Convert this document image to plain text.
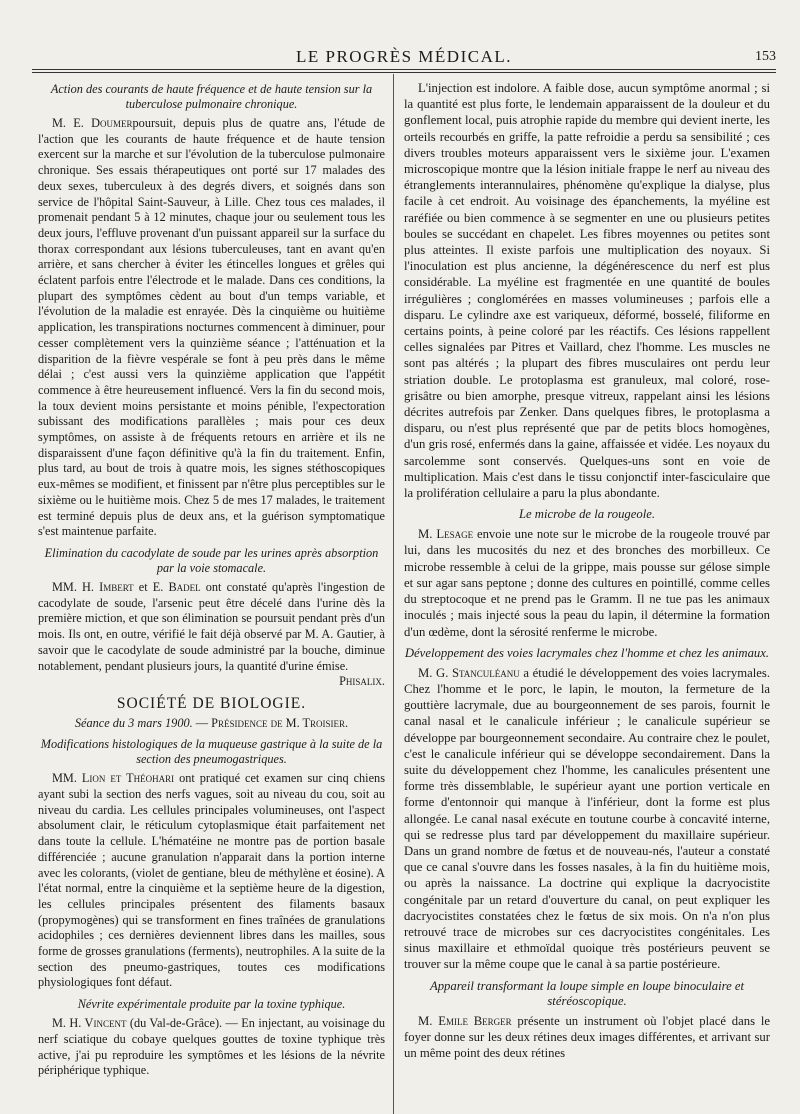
LE PROGRÈS MÉDICAL.	153
Action des courants de haute fréquence et de haute tension sur la tuberculose pulmonaire chronique.

M. E. Doumerpoursuit, depuis plus de quatre ans, l'étude de l'action que les courants de haute fréquence et de haute tension exercent sur la marche et sur l'évolution de la tuberculose pulmonaire chronique. Ses essais thérapeutiques ont porté sur 17 malades des deux sexes, tuberculeux à des degrés divers, et soignés dans son service de l'hôpital Saint-Sauveur, à Lille. Chez tous ces malades, il promenait pendant 5 à 12 minutes, chaque jour ou seulement tous les deux jours, l'effluve provenant d'un puissant appareil sur la surface du thorax correspondant aux lésions tuberculeuses, tant en avant qu'en arrière, et sans chercher à éviter les étincelles longues et grêles qui éclatent parfois entre l'électrode et le malade. Dans ces conditions, la plupart des symptômes cèdent au bout d'un temps variable, et l'évolution de la maladie est enrayée. Dès la cinquième ou huitième application, les transpirations nocturnes commencent à diminuer, pour cesser complètement vers la quinzième séance ; l'atténuation et la disparition de la fièvre vespérale se font à peu près dans le même délai ; c'est aussi vers la quinzième application que l'appétit commence à être heureusement influencé. Vers la fin du second mois, la toux devient moins persistante et moins pénible, l'expectoration subissant des modifications parallèles ; mais pour ces deux symptômes, on assiste à de fréquents retours en arrière et ils ne disparaissent d'une façon définitive qu'à la fin du traitement. Enfin, plus tard, au bout de trois à quatre mois, les signes stéthoscopiques eux-mêmes se modifient, et finissent par n'être plus perceptibles sur le sixième ou le huitième mois. Chez 5 de mes 17 malades, le traitement est terminé depuis plus de deux ans, et la guérison symptomatique s'est maintenue parfaite.

Elimination du cacodylate de soude par les urines après absorption par la voie stomacale.

MM. H. Imbert et E. Badel ont constaté qu'après l'ingestion de cacodylate de soude, l'arsenic peut être décelé dans l'urine dès la première miction, et que son élimination se poursuit pendant près d'un mois. Ils ont, en outre, vérifié le fait déjà observé par M. A. Gautier, à savoir que le cacodylate de soude administré par la bouche, diminue notablement, pendant plusieurs jours, la quantité d'urine émise.

Phisalix.
SOCIÉTÉ DE BIOLOGIE.
Séance du 3 mars 1900. — Présidence de M. Troisier.
Modifications histologiques de la muqueuse gastrique à la suite de la section des pneumogastriques.

MM. Lion et Théohari ont pratiqué cet examen sur cinq chiens ayant subi la section des nerfs vagues, soit au niveau du cou, soit au niveau du cardia. Les cellules principales volumineuses, ont l'aspect absolument clair, le réticulum cytoplasmique était parfaitement net dans toute la cellule. L'hématéine ne montre pas de portion basale différenciée ; aucune granulation n'apparait dans la portion interne avec les colorants, (violet de gentiane, bleu de méthylène et éosine). A l'état normal, entre la cinquième et la septième heure de la digestion, les cellules principales présentent des filaments basaux (propymogènes) qui se transforment en fines traînées de granulations acidophiles ; ces dernières deviennent libres dans les mailles, sous forme de grosses granulations (ferments), neutrophiles. A la suite de la section des pneumo-gastriques, toutes ces modifications physiologiques font défaut.

Névrite expérimentale produite par la toxine typhique.

M. H. Vincent (du Val-de-Grâce). — En injectant, au voisinage du nerf sciatique du cobaye quelques gouttes de toxine typhique très active, j'ai pu reproduire les symptômes et les lésions de la névrite périphérique typhique.

L'injection est indolore. A faible dose, aucun symptôme anormal ; si la quantité est plus forte, le lendemain apparaissent de la douleur et du gonflement local, puis atrophie rapide du membre qui devient inerte, les orteils recourbés en griffe, la patte refroidie a perdu sa sensibilité ; ces divers troubles moteurs apparaissent vers le sixième jour. L'examen microscopique montre que la lésion initiale frappe le nerf au niveau des étranglements interannulaires, phénomène qu'explique la dialyse, plus facile à cet endroit. Au voisinage des épanchements, la myéline est raréfiée ou bien commence à se segmenter en une ou plusieurs petites boules se succédant en chapelet. Les fibres moyennes ou petites sont plus atteintes. Il existe parfois une multiplication des noyaux. Si l'inoculation est plus ancienne, la dégénérescence du nerf est plus considérable. La myéline est fragmentée en une quantité de boules irrégulières ; conglomérées en masses volumineuses ; parfois elle a disparu. Le cylindre axe est variqueux, déformé, bosselé, filiforme en certains points, à peine coloré par les réactifs. Ces lésions rappellent celles signalées par Pitres et Vaillard, chez l'homme. Les muscles ne sont pas altérés ; la plupart des fibres musculaires ont perdu leur striation double. Le protoplasma est granuleux, mal coloré, rose-grisâtre ou bien amorphe, presque vitreux, rappelant ainsi les lésions décrites autrefois par Zenker. Dans quelques fibres, le protoplasma a disparu, ou n'est plus représenté que par de petits blocs homogènes, d'un gris rosé, enfermés dans la gaine, affaissée et vidée. Les noyaux du sarcolemme sont conservés. Quelques-uns sont en voie de multiplication. Mais c'est dans le tissu conjonctif inter-fasciculaire que la prolifération cellulaire a paru la plus abondante.

Le microbe de la rougeole.

M. Lesage envoie une note sur le microbe de la rougeole trouvé par lui, dans les mucosités du nez et des bronches des morbilleux. Ce microbe ressemble à celui de la grippe, mais pousse sur gélose simple et sur agar sans peptone ; donne des cultures en pointillé, comme celles du streptocoque et ne prend pas le Gramm. Il ne tue pas les animaux inoculés ; mais injecté sous la peau du lapin, il détermine la formation d'un œdème, dont la sérosité renferme le microbe.

Développement des voies lacrymales chez l'homme et chez les animaux.

M. G. Stanculéanu a étudié le développement des voies lacrymales. Chez l'homme et le porc, le lapin, le mouton, la fermeture de la gouttière lacrymale, due au bourgeonnement de ses parois, fournit le canal nasal et le canalicule inférieur ; le canalicule supérieur se développe par bourgeonnement secondaire. Au contraire chez le poulet, c'est le canalicule inférieur qui se développe secondairement. Dans la suite du développement chez l'homme, les canalicules présentent une forme très dissemblable, le supérieur ayant une portion verticale en forme d'entonnoir qui manque à l'inférieur, dont la forme est plus allongée. Le canal nasal exécute en toutune courbe à concavité interne, qui se redresse plus tard par développement du maxillaire supérieur. Dans un grand nombre de fœtus et de nouveau-nés, l'auteur a constaté que ce canal s'ouvre dans les fosses nasales, à la fin du huitième mois, ou après la naissance. La doctrine qui explique la dacryocistite congénitale par un retard d'ouverture du canal, on peut expliquer les dacryocistites constatées chez le fœtus de six mois. On n'a n'on plus retrouvé trace de microbes sur ces dacryocistites congénitales. Les sinus maxillaire et ethmoïdal quoique très postérieurs peuvent se trouver sur la même coupe que le canal à sa partie postérieure.

Appareil transformant la loupe simple en loupe binoculaire et stéréoscopique.

M. Emile Berger présente un instrument où l'objet placé dans le foyer donne sur les deux rétines deux images différentes, et arrivant sur un même point des deux rétines
